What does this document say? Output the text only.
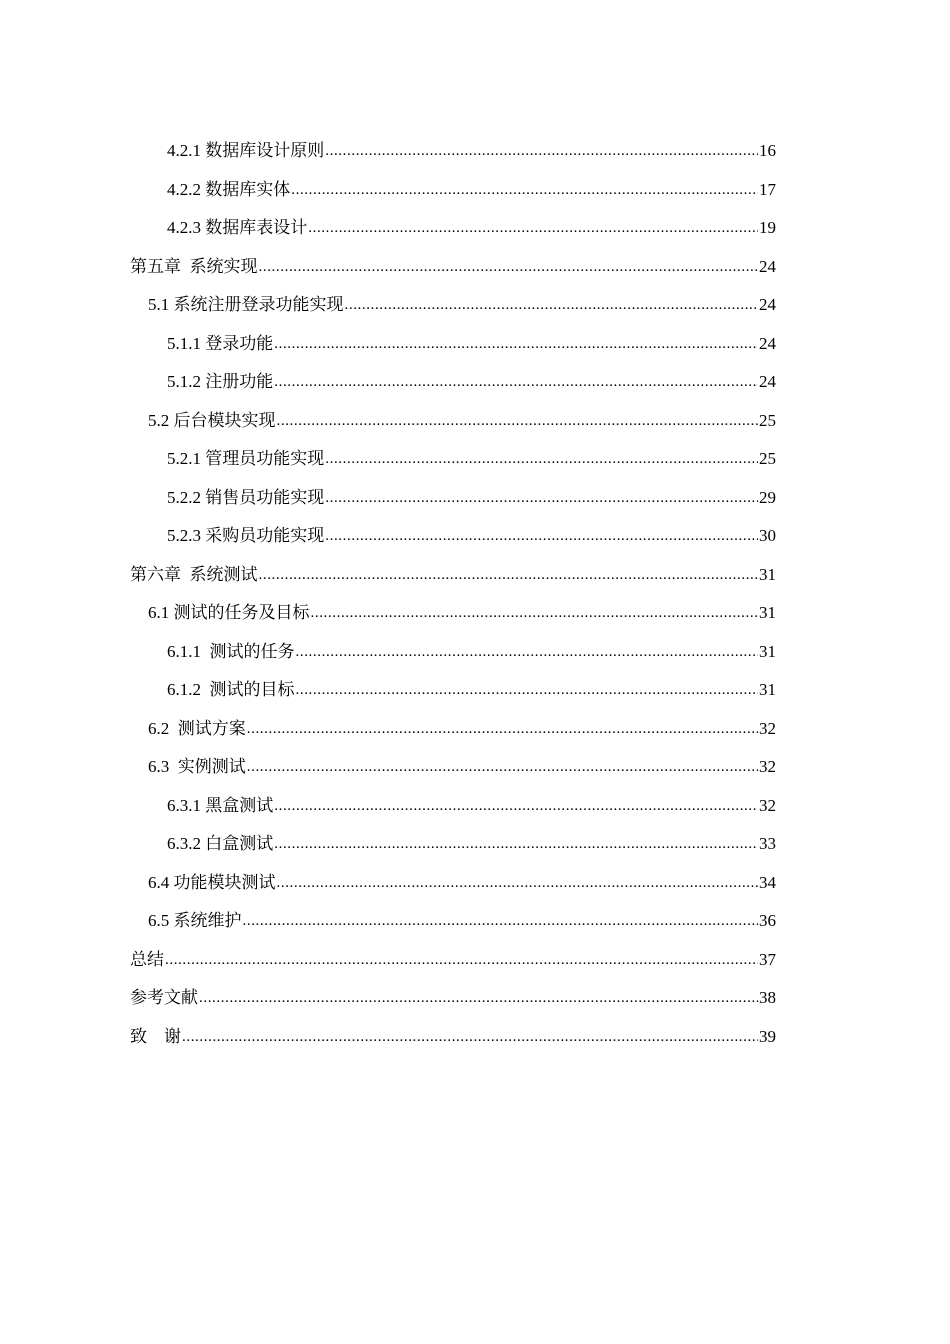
4.2.1 数据库设计原则 .....	16
4.2.2 数据库实体 .....	17
4.2.3 数据库表设计 .....	19
第五章  系统实现 .....	24
5.1 系统注册登录功能实现 .....	24
5.1.1 登录功能 .....	24
5.1.2 注册功能 .....	24
5.2 后台模块实现 .....	25
5.2.1 管理员功能实现 .....	25
5.2.2 销售员功能实现 .....	29
5.2.3 采购员功能实现 .....	30
第六章  系统测试 .....	31
6.1 测试的任务及目标 .....	31
6.1.1  测试的任务 .....	31
6.1.2  测试的目标 .....	31
6.2  测试方案 .....	32
6.3  实例测试 .....	32
6.3.1 黑盒测试 .....	32
6.3.2 白盒测试 .....	33
6.4 功能模块测试 .....	34
6.5 系统维护 .....	36
总结 .....	37
参考文献 .....	38
致    谢 .....	39
